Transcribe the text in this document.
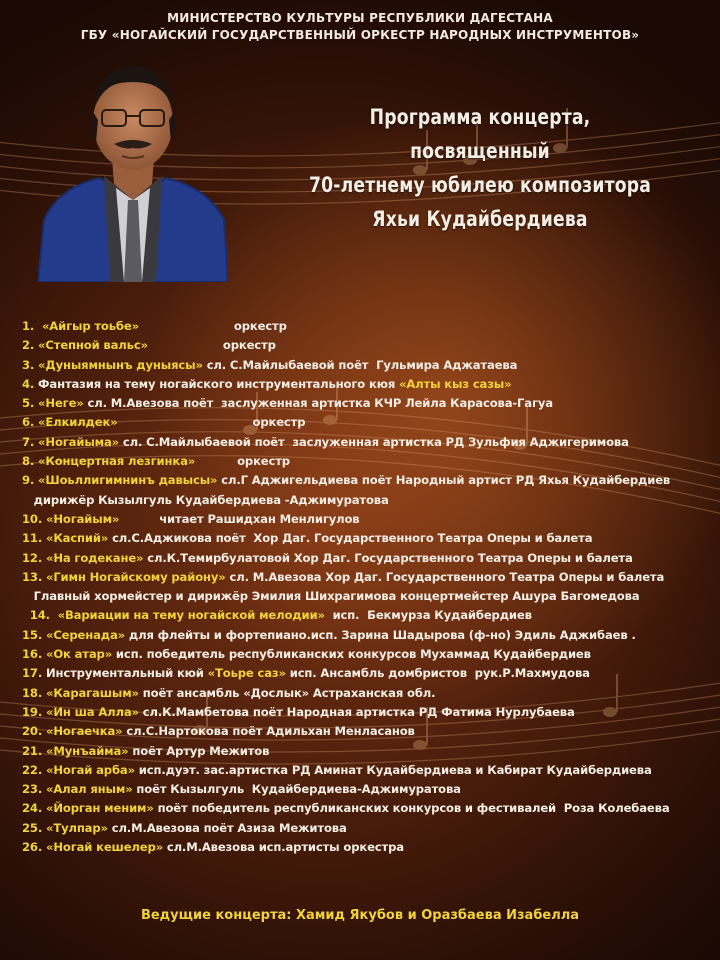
МИНИСТЕРСТВО КУЛЬТУРЫ РЕСПУБЛИКИ ДАГЕСТАНА
ГБУ «НОГАЙСКИЙ ГОСУДАРСТВЕННЫЙ ОРКЕСТР НАРОДНЫХ ИНСТРУМЕНТОВ»
Программа концерта,
посвященный
70-летнему юбилею композитора
Яхьи Кудайбердиева
1.  «Айгыр тоьбе»	оркестр
2. «Степной вальс»	оркестр
3. «Дуныямнынъ дуныясы» сл. С.Майлыбаевой поёт  Гульмира Аджатаева
4. Фантазия на тему ногайского инструментального кюя «Алты кыз сазы»
5. «Неге» сл. М.Авезова поёт  заслуженная артистка КЧР Лейла Карасова-Гагуа
6. «Елкилдек»	оркестр
7. «Ногайыма» сл. С.Майлыбаевой поёт  заслуженная артистка РД Зульфия Аджигеримова
8. «Концертная лезгинка»	оркестр
9. «Шоьллигимнинъ давысы» сл.Г Аджигельдиева поёт Народный артист РД Яхья Кудайбердиев
дирижёр Кызылгуль Кудайбердиева -Аджимуратова
10. «Ногайым»	читает Рашидхан Менлигулов
11. «Каспий» сл.С.Аджикова поёт  Хор Даг. Государственного Театра Оперы и балета
12. «На годекане» сл.К.Темирбулатовой Хор Даг. Государственного Театра Оперы и балета
13. «Гимн Ногайскому району» сл. М.Авезова Хор Даг. Государственного Театра Оперы и балета
Главный хормейстер и дирижёр Эмилия Шихрагимова концертмейстер Ашура Багомедова
14.  «Вариации на тему ногайской мелодии»  исп.  Бекмурза Кудайбердиев
15. «Серенада» для флейты и фортепиано.исп. Зарина Шадырова (ф-но) Эдиль Аджибаев .
16. «Ок атар» исп. победитель республиканских конкурсов Мухаммад Кудайбердиев
17. Инструментальный кюй «Тоьре саз» исп. Ансамбль домбристов  рук.Р.Махмудова
18. «Карагашым» поёт ансамбль «Дослык» Астраханская обл.
19. «Ин ша Алла» сл.К.Мамбетова поёт Народная артистка РД Фатима Нурлубаева
20. «Ногаечка» сл.С.Нартокова поёт Адильхан Менласанов
21. «Мунъайма» поёт Артур Межитов
22. «Ногай арба» исп.дуэт. зас.артистка РД Аминат Кудайбердиева и Кабират Кудайбердиева
23. «Алал яным» поёт Кызылгуль  Кудайбердиева-Аджимуратова
24. «Йорган меним» поёт победитель республиканских конкурсов и фестивалей  Роза Колебаева
25. «Тулпар» сл.М.Авезова поёт Азиза Межитова
26. «Ногай кешелер» сл.М.Авезова исп.артисты оркестра
Ведущие концерта: Хамид Якубов и Оразбаева Изабелла
